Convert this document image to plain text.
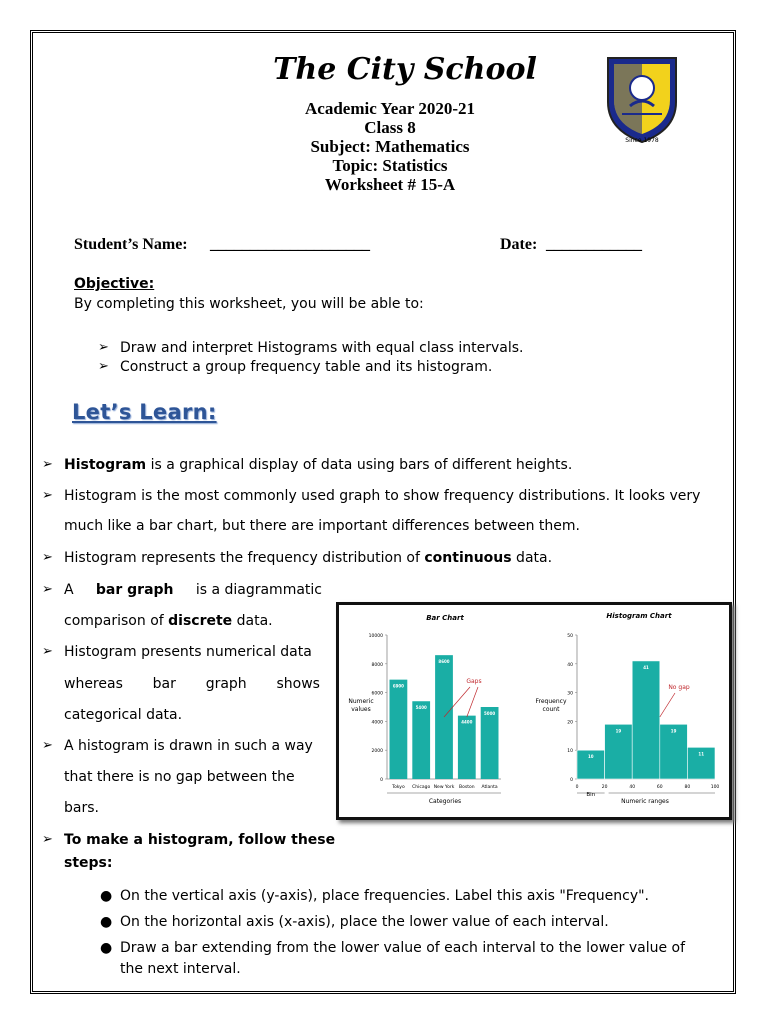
The City School
Academic Year 2020-21
Class 8
Subject: Mathematics
Topic: Statistics
Worksheet # 15-A
Since 1978
Student’s Name: ____________________	Date: ____________
Objective:
By completing this worksheet, you will be able to:
➢ Draw and interpret Histograms with equal class intervals.
➢ Construct a group frequency table and its histogram.
Let’s Learn:
➢ Histogram is a graphical display of data using bars of different heights.
➢ Histogram is the most commonly used graph to show frequency distributions. It looks very
much like a bar chart, but there are important differences between them.
➢ Histogram represents the frequency distribution of continuous data.
➢ A bar graph is a diagrammatic
comparison of discrete data.
➢ Histogram presents numerical data
whereas bar graph shows
categorical data.
➢ A histogram is drawn in such a way
that there is no gap between the
bars.
➢ To make a histogram, follow these
steps:
● On the vertical axis (y-axis), place frequencies. Label this axis "Frequency".
● On the horizontal axis (x-axis), place the lower value of each interval.
● Draw a bar extending from the lower value of each interval to the lower value of
the next interval.
Bar Chart
0
2000
4000
6000
8000
10000
6900
Tokyo
5400
Chicago
8600
New York
4400
Boston
5000
Atlanta
Numeric
values
Categories
Gaps
Histogram Chart
0
10
20
30
40
50
0	20	40	60	80	100
10
19
41
19
11
Frequency
count
Bin
Numeric ranges
No gap
